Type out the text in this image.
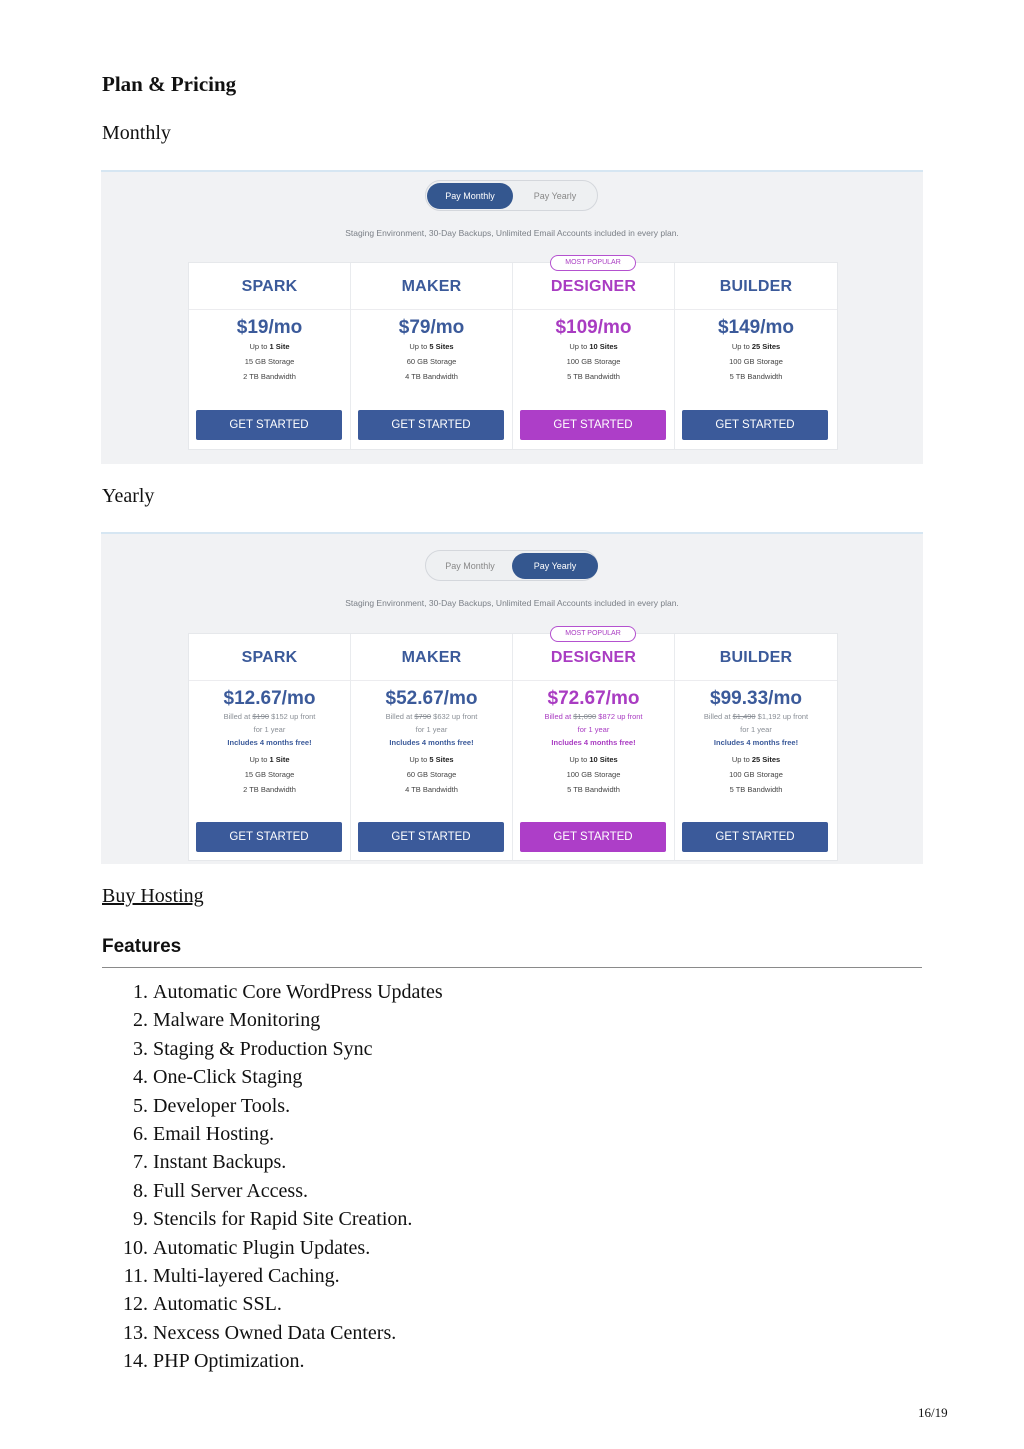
Plan & Pricing
Monthly
Pay Monthly	Pay Yearly
Staging Environment, 30-Day Backups, Unlimited Email Accounts included in every plan.
SPARK
$19/mo
Up to 1 Site
15 GB Storage
2 TB Bandwidth
GET STARTED
MAKER
$79/mo
Up to 5 Sites
60 GB Storage
4 TB Bandwidth
GET STARTED
MOST POPULAR
DESIGNER
$109/mo
Up to 10 Sites
100 GB Storage
5 TB Bandwidth
GET STARTED
BUILDER
$149/mo
Up to 25 Sites
100 GB Storage
5 TB Bandwidth
GET STARTED
Yearly
Pay Monthly	Pay Yearly
Staging Environment, 30-Day Backups, Unlimited Email Accounts included in every plan.
SPARK
$12.67/mo
Billed at $190 $152 up front
for 1 year
Includes 4 months free!
Up to 1 Site
15 GB Storage
2 TB Bandwidth
GET STARTED
MAKER
$52.67/mo
Billed at $790 $632 up front
for 1 year
Includes 4 months free!
Up to 5 Sites
60 GB Storage
4 TB Bandwidth
GET STARTED
MOST POPULAR
DESIGNER
$72.67/mo
Billed at $1,090 $872 up front
for 1 year
Includes 4 months free!
Up to 10 Sites
100 GB Storage
5 TB Bandwidth
GET STARTED
BUILDER
$99.33/mo
Billed at $1,490 $1,192 up front
for 1 year
Includes 4 months free!
Up to 25 Sites
100 GB Storage
5 TB Bandwidth
GET STARTED
Buy Hosting
Features
1. Automatic Core WordPress Updates
2. Malware Monitoring
3. Staging & Production Sync
4. One-Click Staging
5. Developer Tools.
6. Email Hosting.
7. Instant Backups.
8. Full Server Access.
9. Stencils for Rapid Site Creation.
10. Automatic Plugin Updates.
11. Multi-layered Caching.
12. Automatic SSL.
13. Nexcess Owned Data Centers.
14. PHP Optimization.
16/19
